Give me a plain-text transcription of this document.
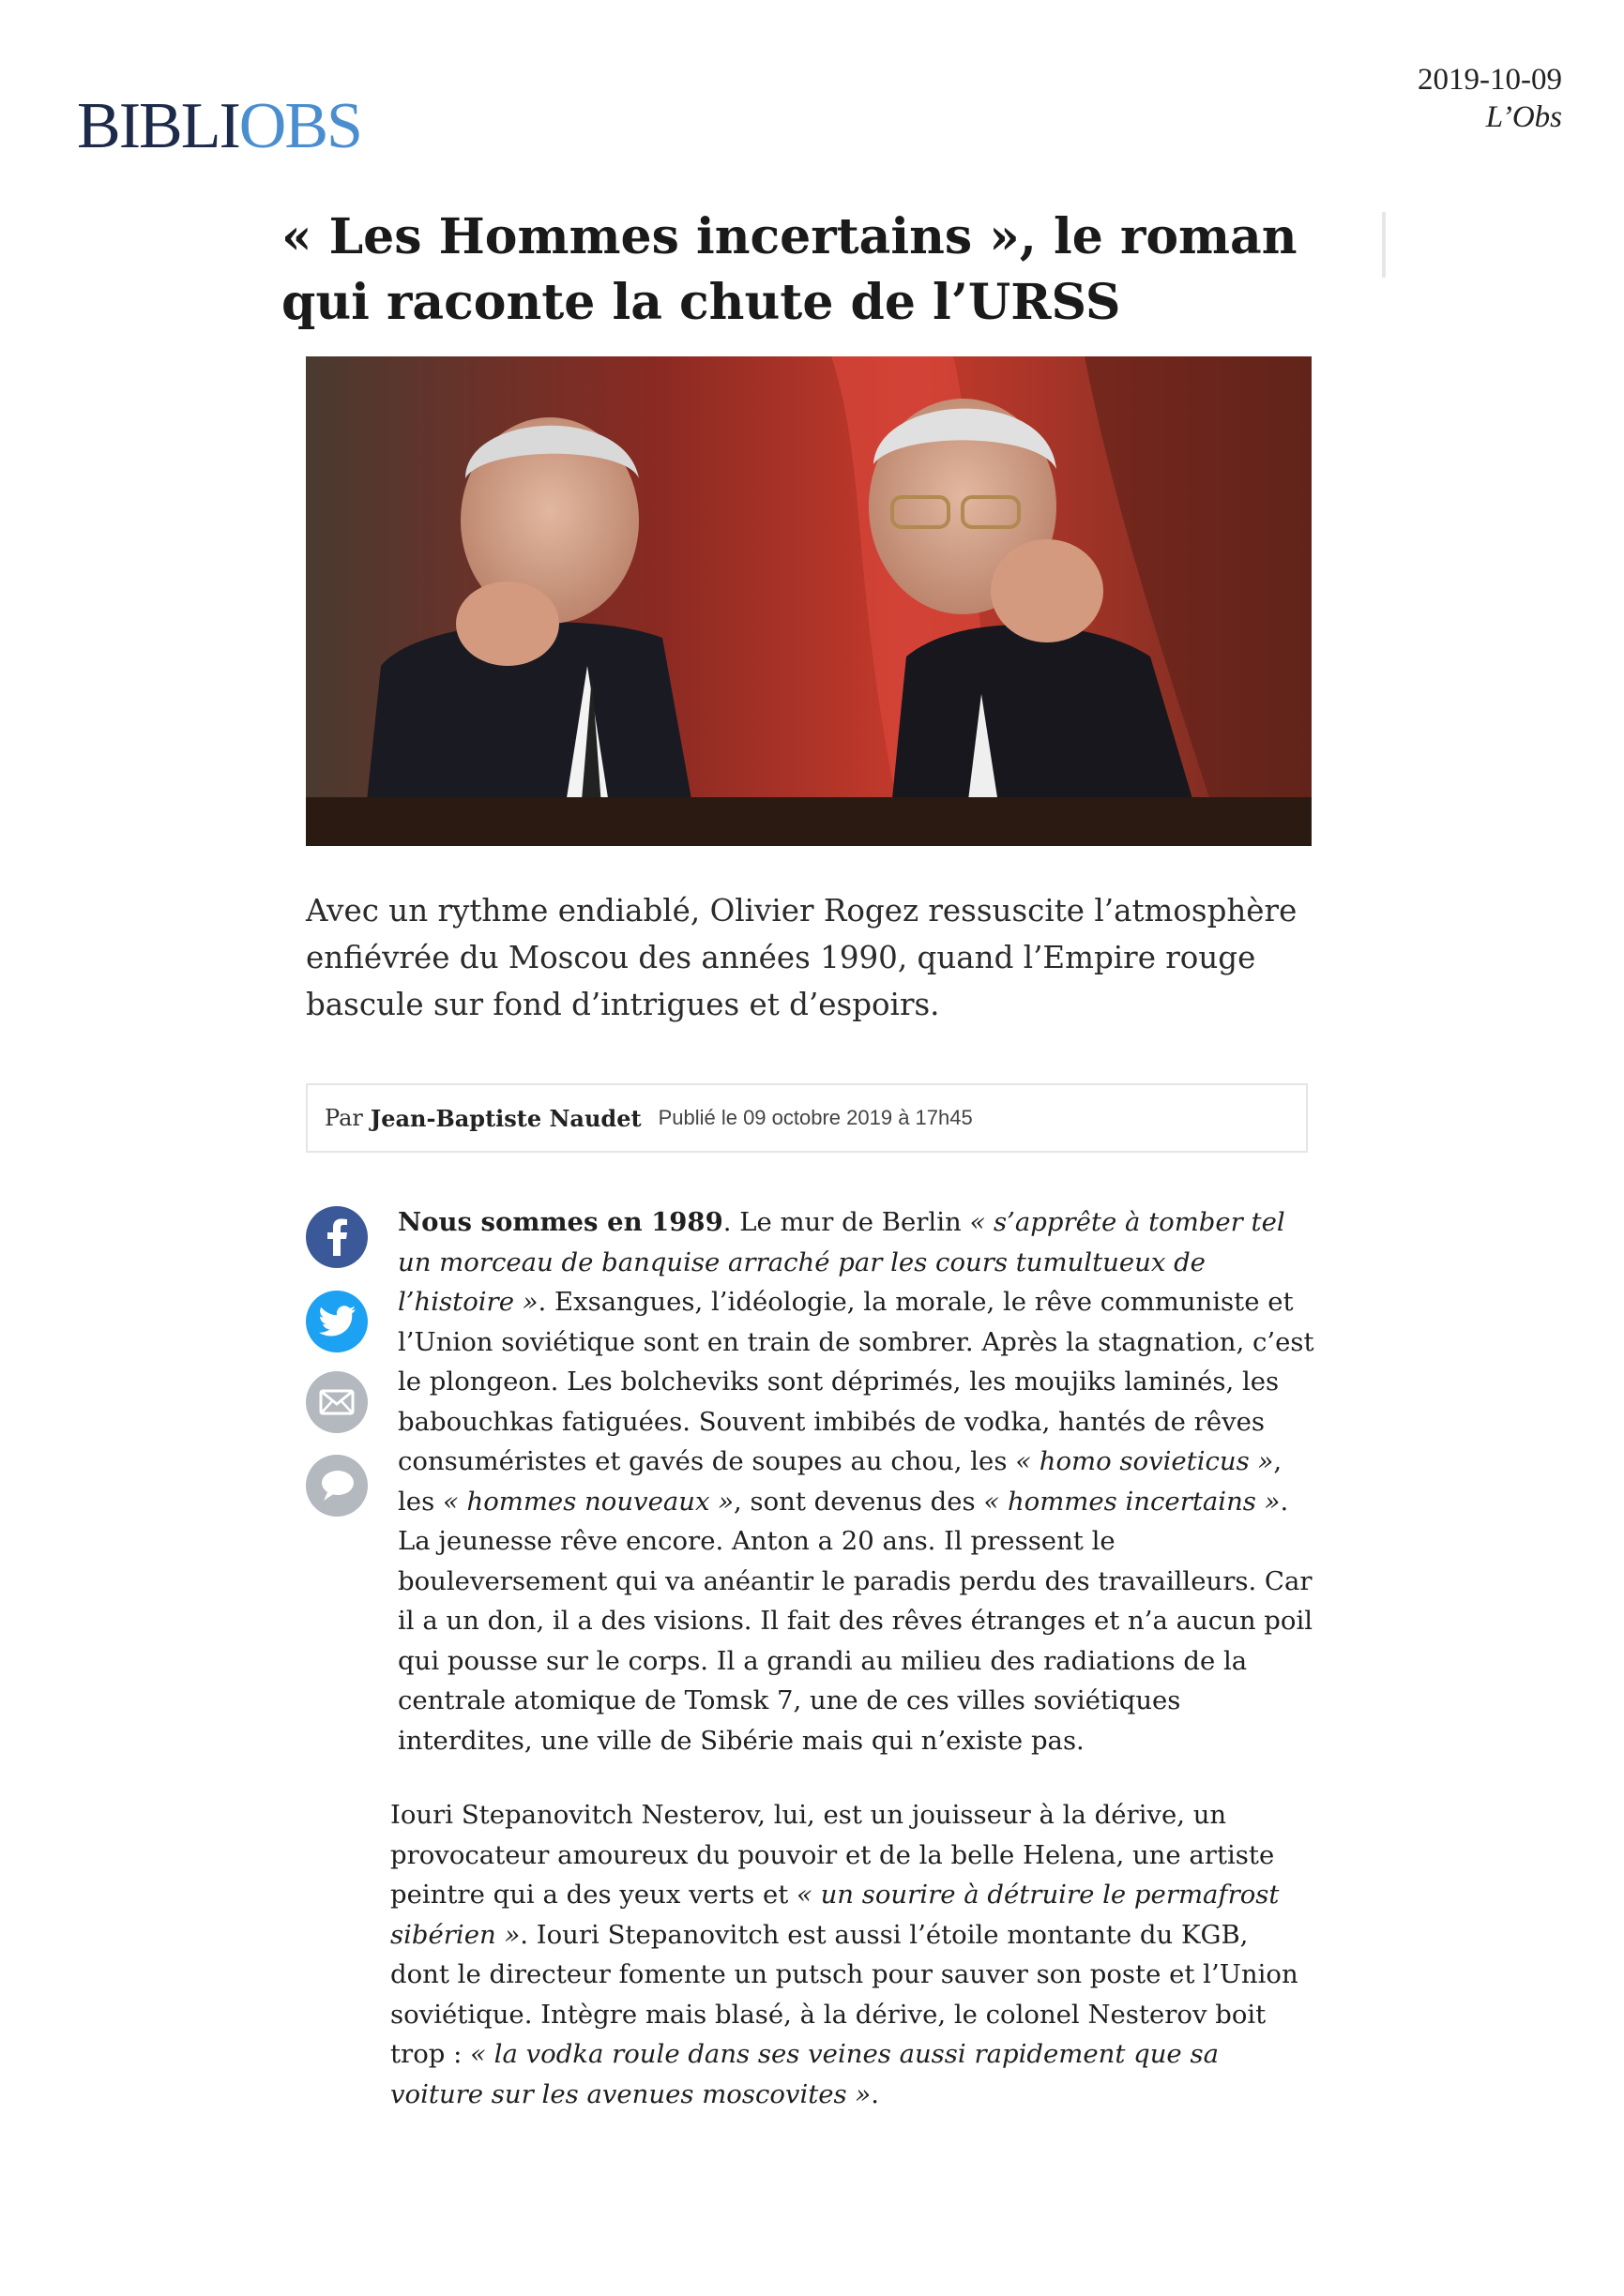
BIBLIOBS
2019-10-09
L’Obs
« Les Hommes incertains », le roman qui raconte la chute de l’URSS

Avec un rythme endiablé, Olivier Rogez ressuscite l’atmosphère enfiévrée du Moscou des années 1990, quand l’Empire rouge bascule sur fond d’intrigues et d’espoirs.

Par Jean-Baptiste Naudet Publié le 09 octobre 2019 à 17h45

Nous sommes en 1989. Le mur de Berlin « s’apprête à tomber tel un morceau de banquise arraché par les cours tumultueux de l’histoire ». Exsangues, l’idéologie, la morale, le rêve communiste et l’Union soviétique sont en train de sombrer. Après la stagnation, c’est le plongeon. Les bolcheviks sont déprimés, les moujiks laminés, les babouchkas fatiguées. Souvent imbibés de vodka, hantés de rêves consuméristes et gavés de soupes au chou, les « homo sovieticus », les « hommes nouveaux », sont devenus des « hommes incertains ». La jeunesse rêve encore. Anton a 20 ans. Il pressent le bouleversement qui va anéantir le paradis perdu des travailleurs. Car il a un don, il a des visions. Il fait des rêves étranges et n’a aucun poil qui pousse sur le corps. Il a grandi au milieu des radiations de la centrale atomique de Tomsk 7, une de ces villes soviétiques interdites, une ville de Sibérie mais qui n’existe pas.

Iouri Stepanovitch Nesterov, lui, est un jouisseur à la dérive, un provocateur amoureux du pouvoir et de la belle Helena, une artiste peintre qui a des yeux verts et « un sourire à détruire le permafrost sibérien ». Iouri Stepanovitch est aussi l’étoile montante du KGB, dont le directeur fomente un putsch pour sauver son poste et l’Union soviétique. Intègre mais blasé, à la dérive, le colonel Nesterov boit trop : « la vodka roule dans ses veines aussi rapidement que sa voiture sur les avenues moscovites ».
